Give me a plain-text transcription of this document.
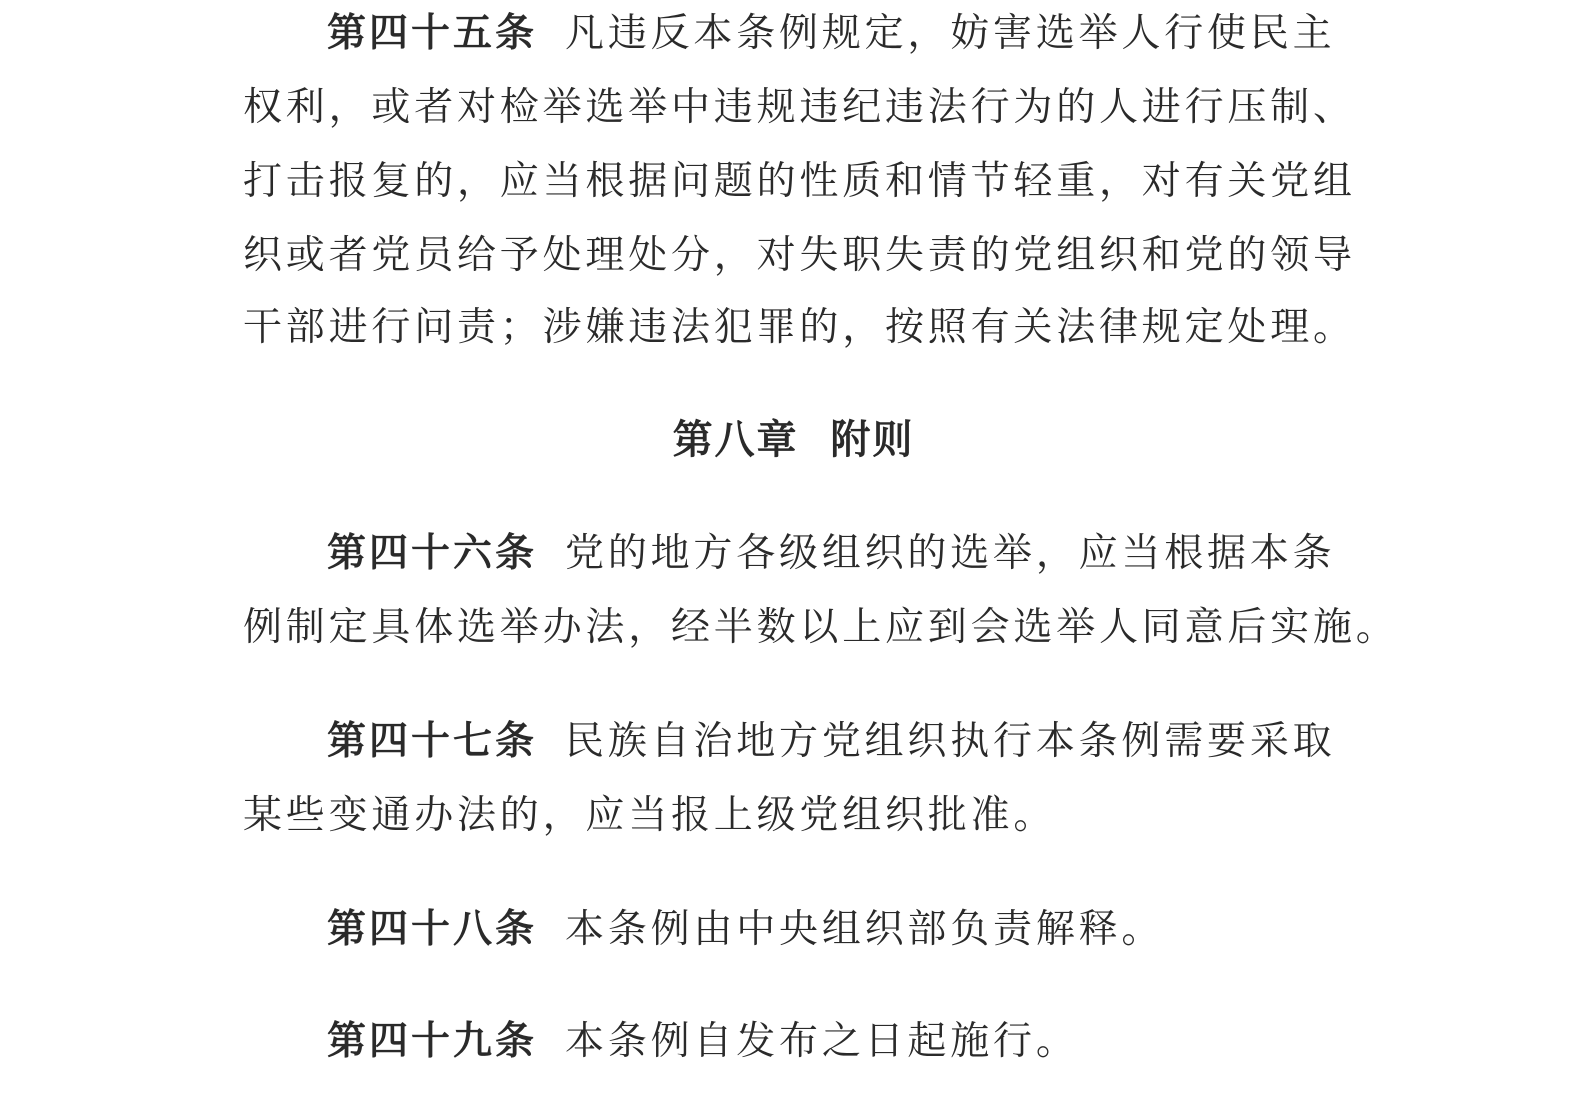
第四十五条 凡违反本条例规定，妨害选举人行使民主
权利，或者对检举选举中违规违纪违法行为的人进行压制、
打击报复的，应当根据问题的性质和情节轻重，对有关党组
织或者党员给予处理处分，对失职失责的党组织和党的领导
干部进行问责；涉嫌违法犯罪的，按照有关法律规定处理。
第八章  附则
第四十六条 党的地方各级组织的选举，应当根据本条
例制定具体选举办法，经半数以上应到会选举人同意后实施。
第四十七条 民族自治地方党组织执行本条例需要采取
某些变通办法的，应当报上级党组织批准。
第四十八条 本条例由中央组织部负责解释。
第四十九条 本条例自发布之日起施行。
